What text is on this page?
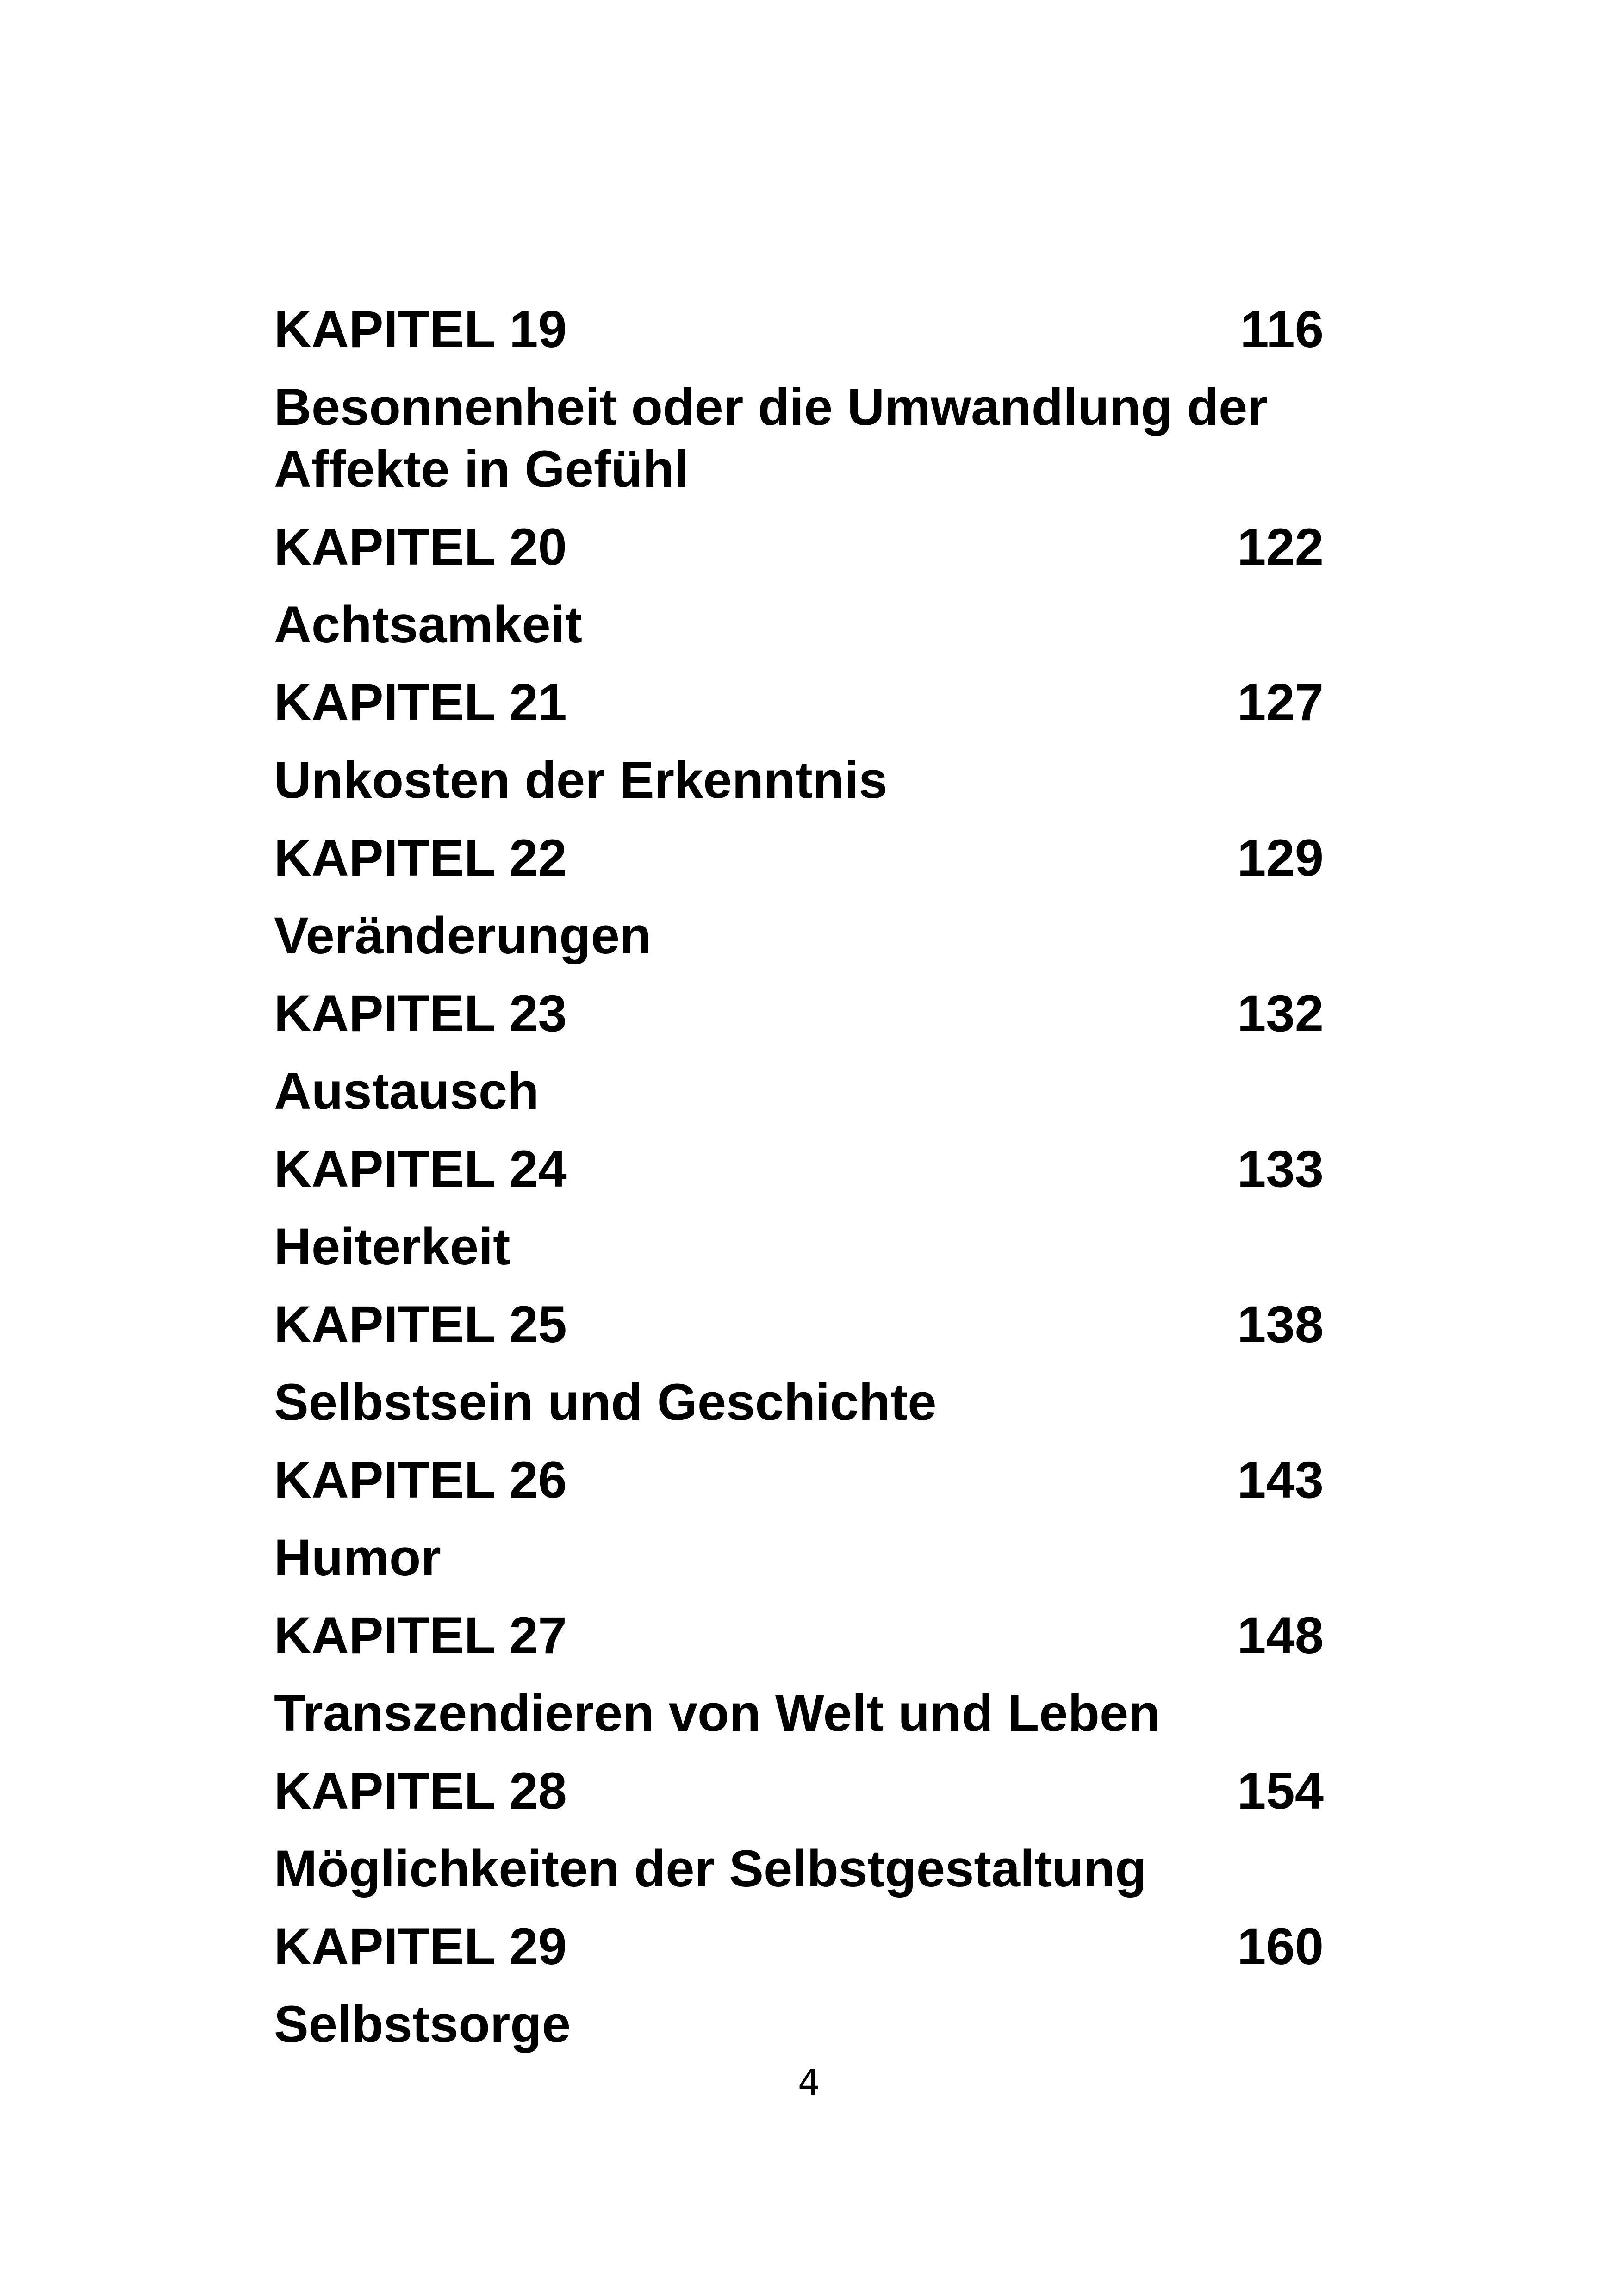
KAPITEL 19	116
Besonnenheit oder die Umwandlung der Affekte in Gefühl
KAPITEL 20	122
Achtsamkeit
KAPITEL 21	127
Unkosten der Erkenntnis
KAPITEL 22	129
Veränderungen
KAPITEL 23	132
Austausch
KAPITEL 24	133
Heiterkeit
KAPITEL 25	138
Selbstsein und Geschichte
KAPITEL 26	143
Humor
KAPITEL 27	148
Transzendieren von Welt und Leben
KAPITEL 28	154
Möglichkeiten der Selbstgestaltung
KAPITEL 29	160
Selbstsorge
4
